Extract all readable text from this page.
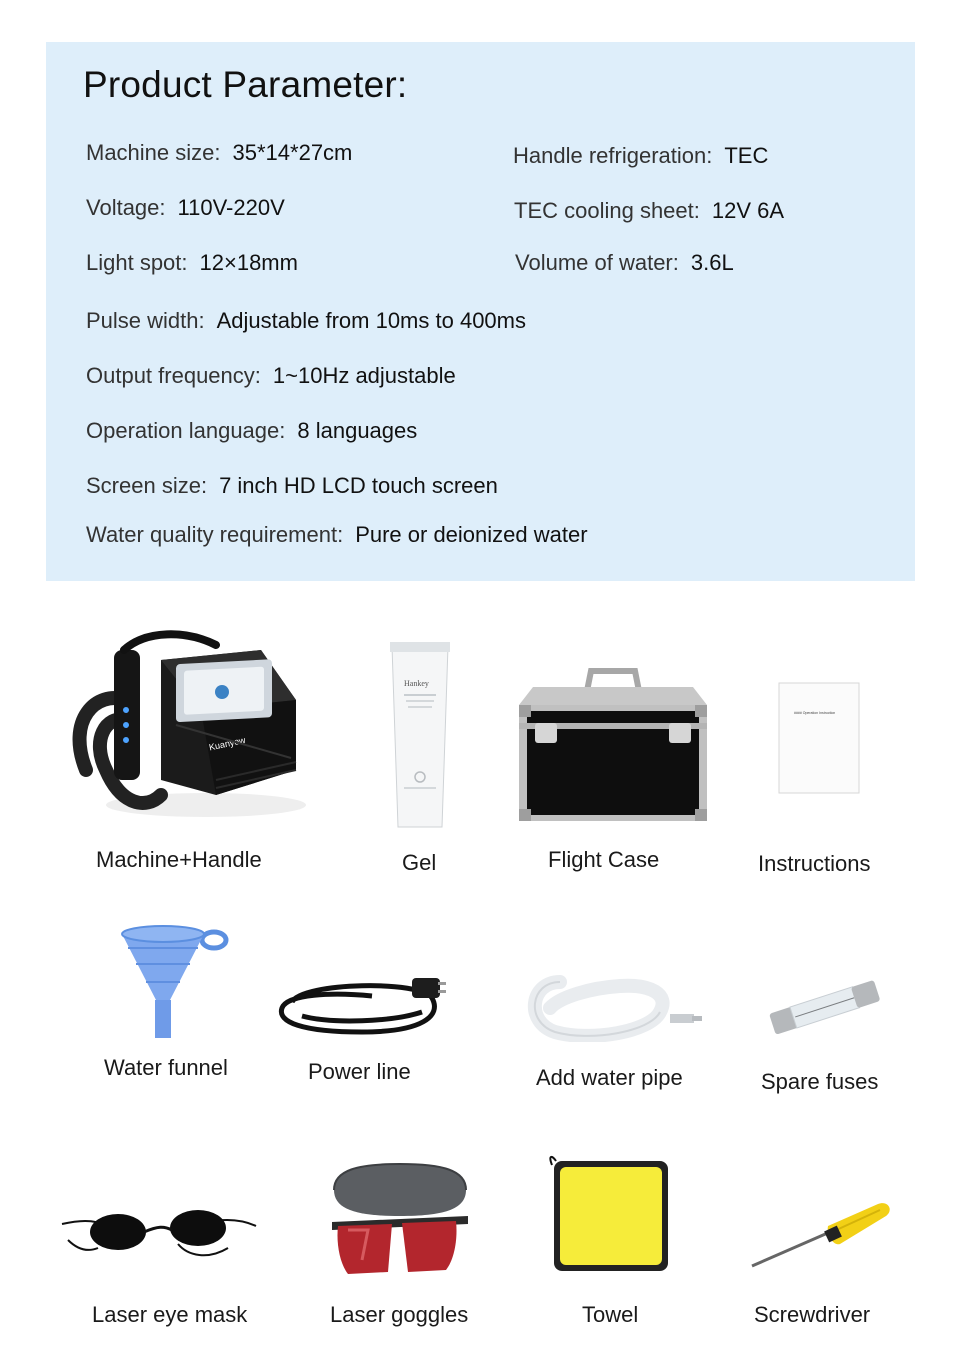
Product Parameter:
Machine size: 35*14*27cm	Handle refrigeration: TEC
Voltage: 110V-220V	TEC cooling sheet: 12V 6A
Light spot: 12×18mm	Volume of water: 3.6L
Pulse width: Adjustable from 10ms to 400ms
Output frequency: 1~10Hz adjustable
Operation language: 8 languages
Screen size: 7 inch HD LCD touch screen
Water quality requirement: Pure or deionized water
Kuanyew
Machine+Handle
Hankey
Gel	Flight Case
#### Operation Instruction
Instructions
Water funnel	Power line	Add water pipe	Spare fuses
Laser eye mask	Laser goggles	Towel	Screwdriver
